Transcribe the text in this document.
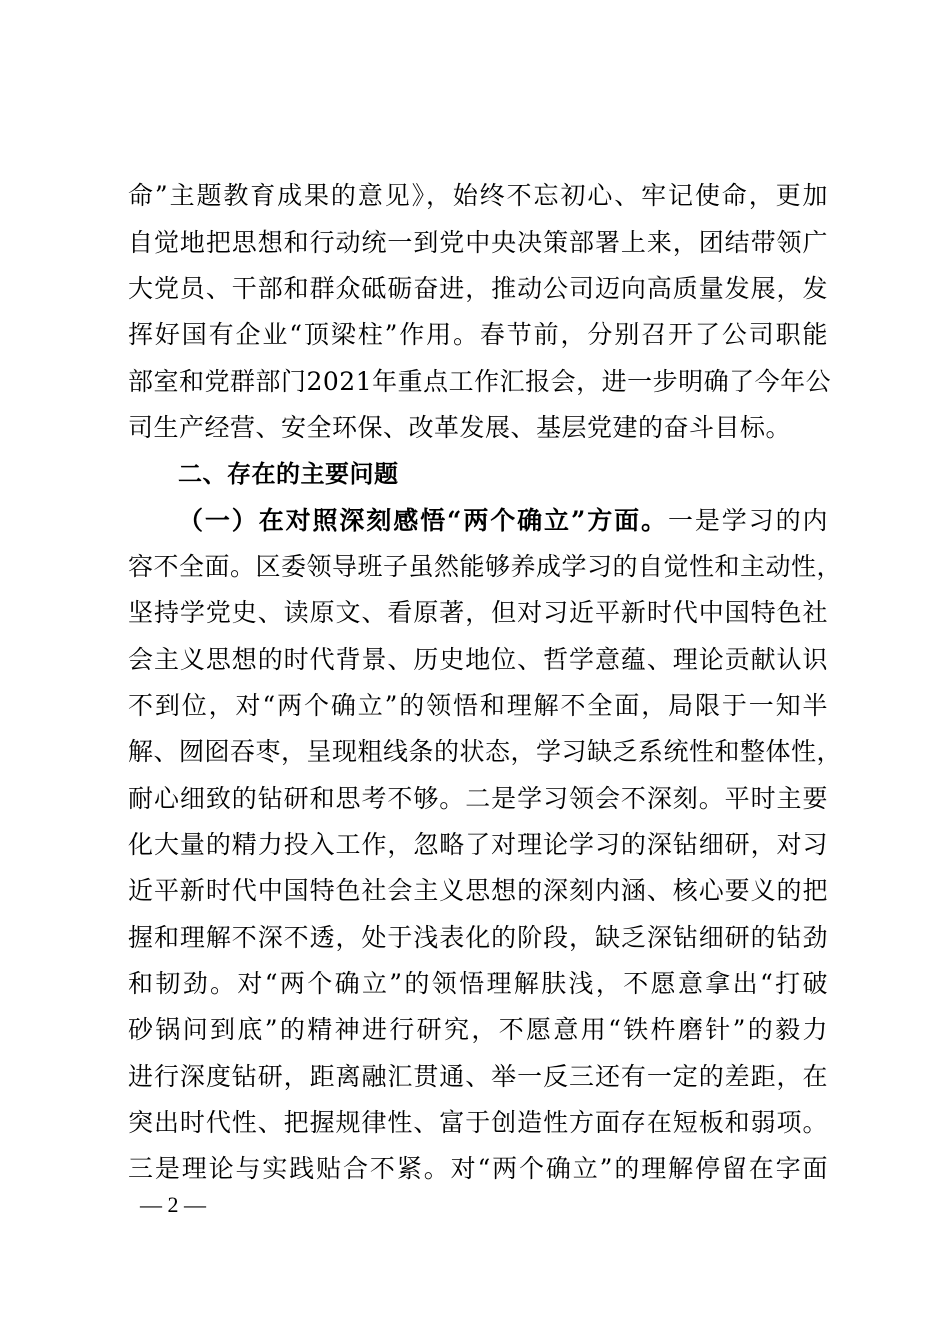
命”主题教育成果的意见》，始终不忘初心、牢记使命，更加
自觉地把思想和行动统一到党中央决策部署上来，团结带领广
大党员、干部和群众砥砺奋进，推动公司迈向高质量发展，发
挥好国有企业“顶梁柱”作用。春节前，分别召开了公司职能
部室和党群部门2021年重点工作汇报会，进一步明确了今年公
司生产经营、安全环保、改革发展、基层党建的奋斗目标。
二、存在的主要问题
（一）在对照深刻感悟“两个确立”方面。一是学习的内
容不全面。区委领导班子虽然能够养成学习的自觉性和主动性，
坚持学党史、读原文、看原著，但对习近平新时代中国特色社
会主义思想的时代背景、历史地位、哲学意蕴、理论贡献认识
不到位，对“两个确立”的领悟和理解不全面，局限于一知半
解、囫囵吞枣，呈现粗线条的状态，学习缺乏系统性和整体性，
耐心细致的钻研和思考不够。二是学习领会不深刻。平时主要
化大量的精力投入工作，忽略了对理论学习的深钻细研，对习
近平新时代中国特色社会主义思想的深刻内涵、核心要义的把
握和理解不深不透，处于浅表化的阶段，缺乏深钻细研的钻劲
和韧劲。对“两个确立”的领悟理解肤浅，不愿意拿出“打破
砂锅问到底”的精神进行研究，不愿意用“铁杵磨针”的毅力
进行深度钻研，距离融汇贯通、举一反三还有一定的差距，在
突出时代性、把握规律性、富于创造性方面存在短板和弱项。
三是理论与实践贴合不紧。对“两个确立”的理解停留在字面
— 2 —
